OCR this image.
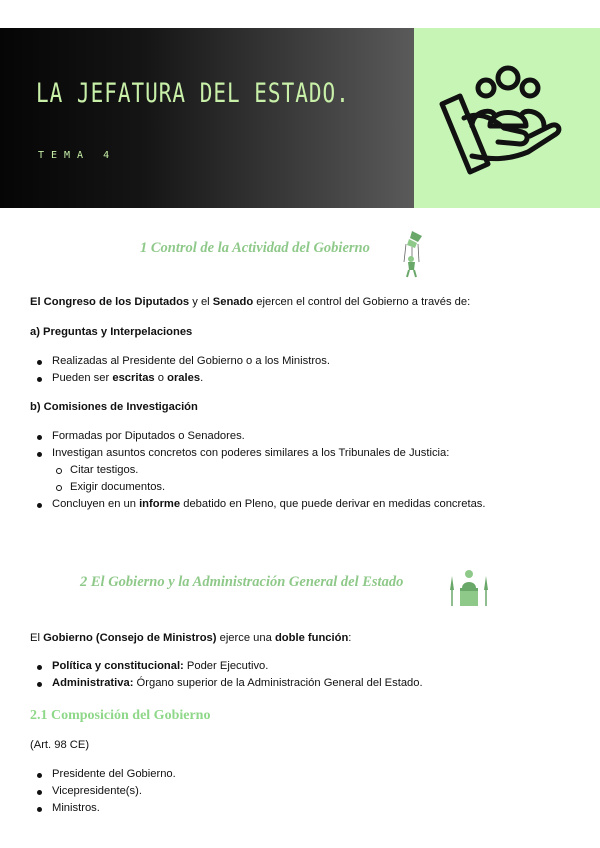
LA JEFATURA DEL ESTADO.

TEMA 4

1 Control de la Actividad del Gobierno

El Congreso de los Diputados y el Senado ejercen el control del Gobierno a través de:

a) Preguntas y Interpelaciones

Realizadas al Presidente del Gobierno o a los Ministros.
Pueden ser escritas o orales.

b) Comisiones de Investigación

Formadas por Diputados o Senadores.
Investigan asuntos concretos con poderes similares a los Tribunales de Justicia:
Citar testigos.
Exigir documentos.
Concluyen en un informe debatido en Pleno, que puede derivar en medidas concretas.
2 El Gobierno y la Administración General del Estado

El Gobierno (Consejo de Ministros) ejerce una doble función:

Política y constitucional: Poder Ejecutivo.
Administrativa: Órgano superior de la Administración General del Estado.
2.1 Composición del Gobierno

(Art. 98 CE)

Presidente del Gobierno.
Vicepresidente(s).
Ministros.
